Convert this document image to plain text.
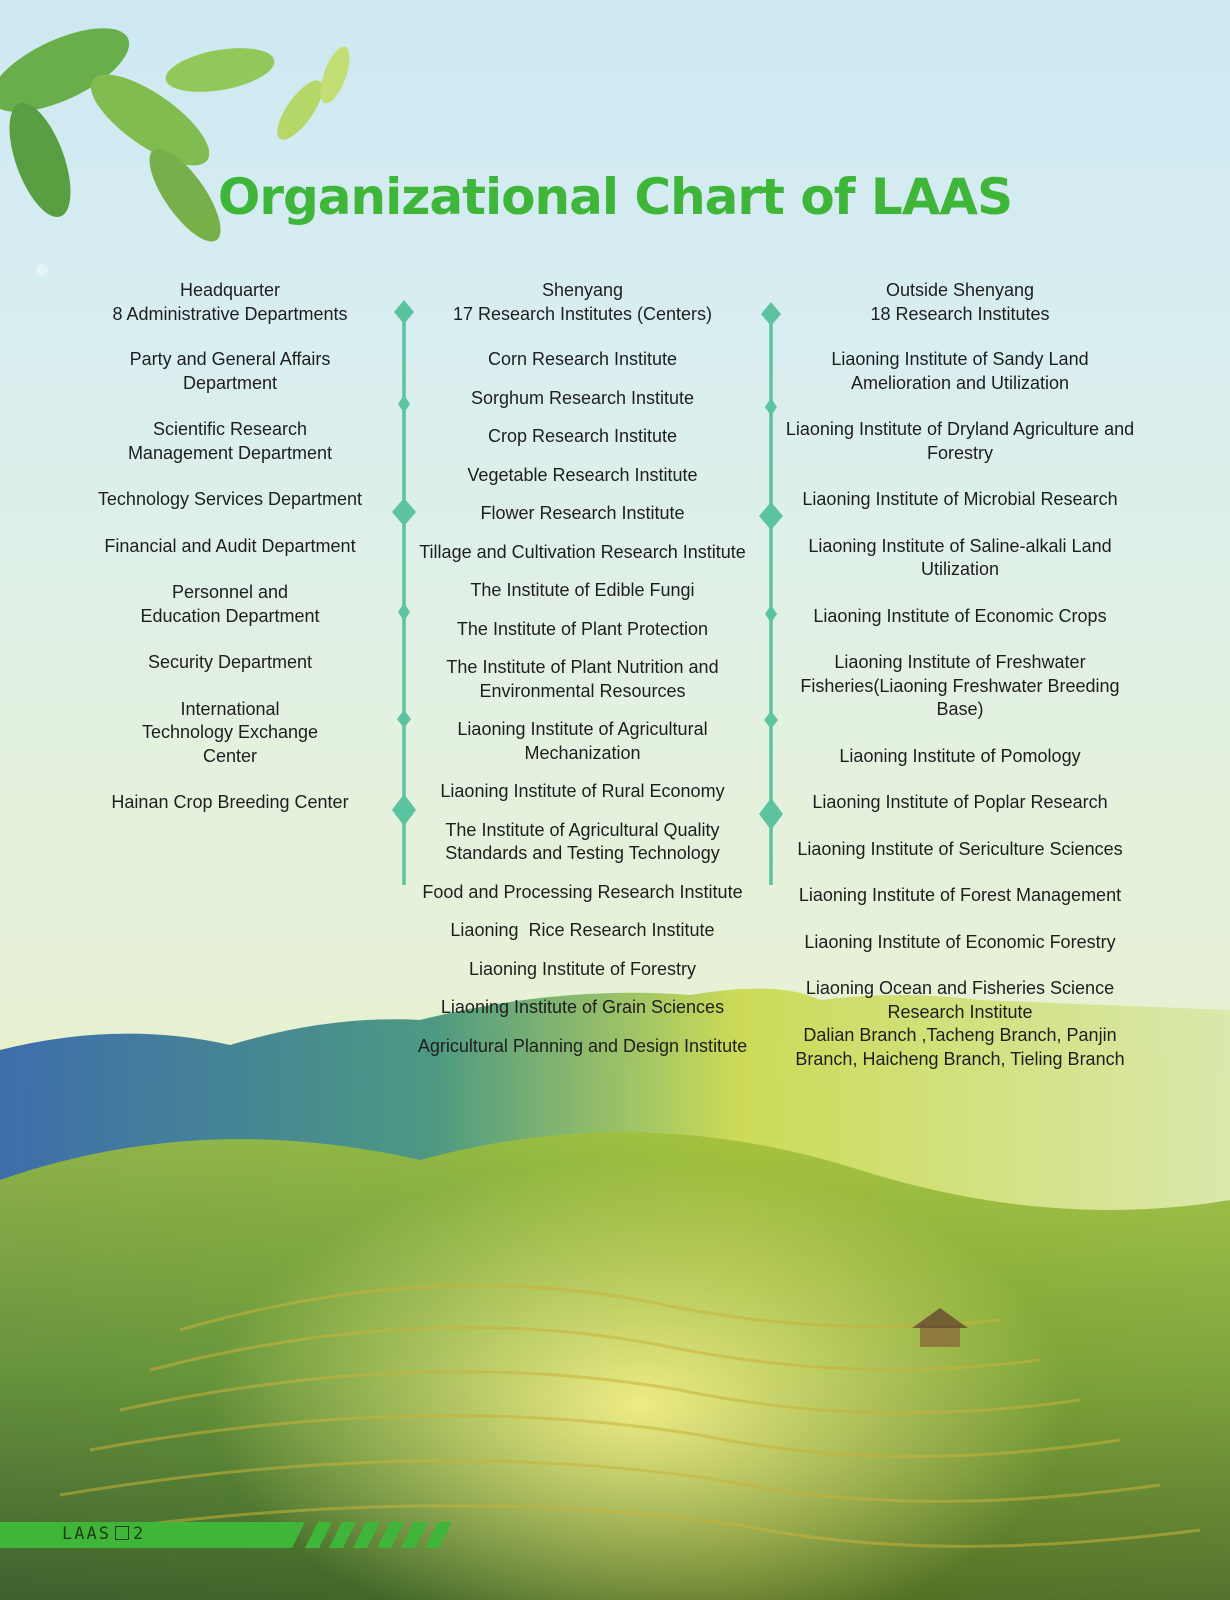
Organizational Chart of LAAS
Headquarter
8 Administrative Departments
Party and General Affairs Department
Scientific Research Management Department
Technology Services Department
Financial and Audit Department
Personnel and Education Department
Security Department
International Technology Exchange Center
Hainan Crop Breeding Center
Shenyang
17 Research Institutes (Centers)
Corn Research Institute
Sorghum Research Institute
Crop Research Institute
Vegetable Research Institute
Flower Research Institute
Tillage and Cultivation Research Institute
The Institute of Edible Fungi
The Institute of Plant Protection
The Institute of Plant Nutrition and Environmental Resources
Liaoning Institute of Agricultural Mechanization
Liaoning Institute of Rural Economy
The Institute of Agricultural Quality Standards and Testing Technology
Food and Processing Research Institute
Liaoning  Rice Research Institute
Liaoning Institute of Forestry
Liaoning Institute of Grain Sciences
Agricultural Planning and Design Institute
Outside Shenyang
18 Research Institutes
Liaoning Institute of Sandy Land Amelioration and Utilization
Liaoning Institute of Dryland Agriculture and Forestry
Liaoning Institute of Microbial Research
Liaoning Institute of Saline-alkali Land Utilization
Liaoning Institute of Economic Crops
Liaoning Institute of Freshwater Fisheries(Liaoning Freshwater Breeding Base)
Liaoning Institute of Pomology
Liaoning Institute of Poplar Research
Liaoning Institute of Sericulture Sciences
Liaoning Institute of Forest Management
Liaoning Institute of Economic Forestry
Liaoning Ocean and Fisheries Science Research Institute
Dalian Branch ,Tacheng Branch, Panjin Branch, Haicheng Branch, Tieling Branch

LAAS 2
